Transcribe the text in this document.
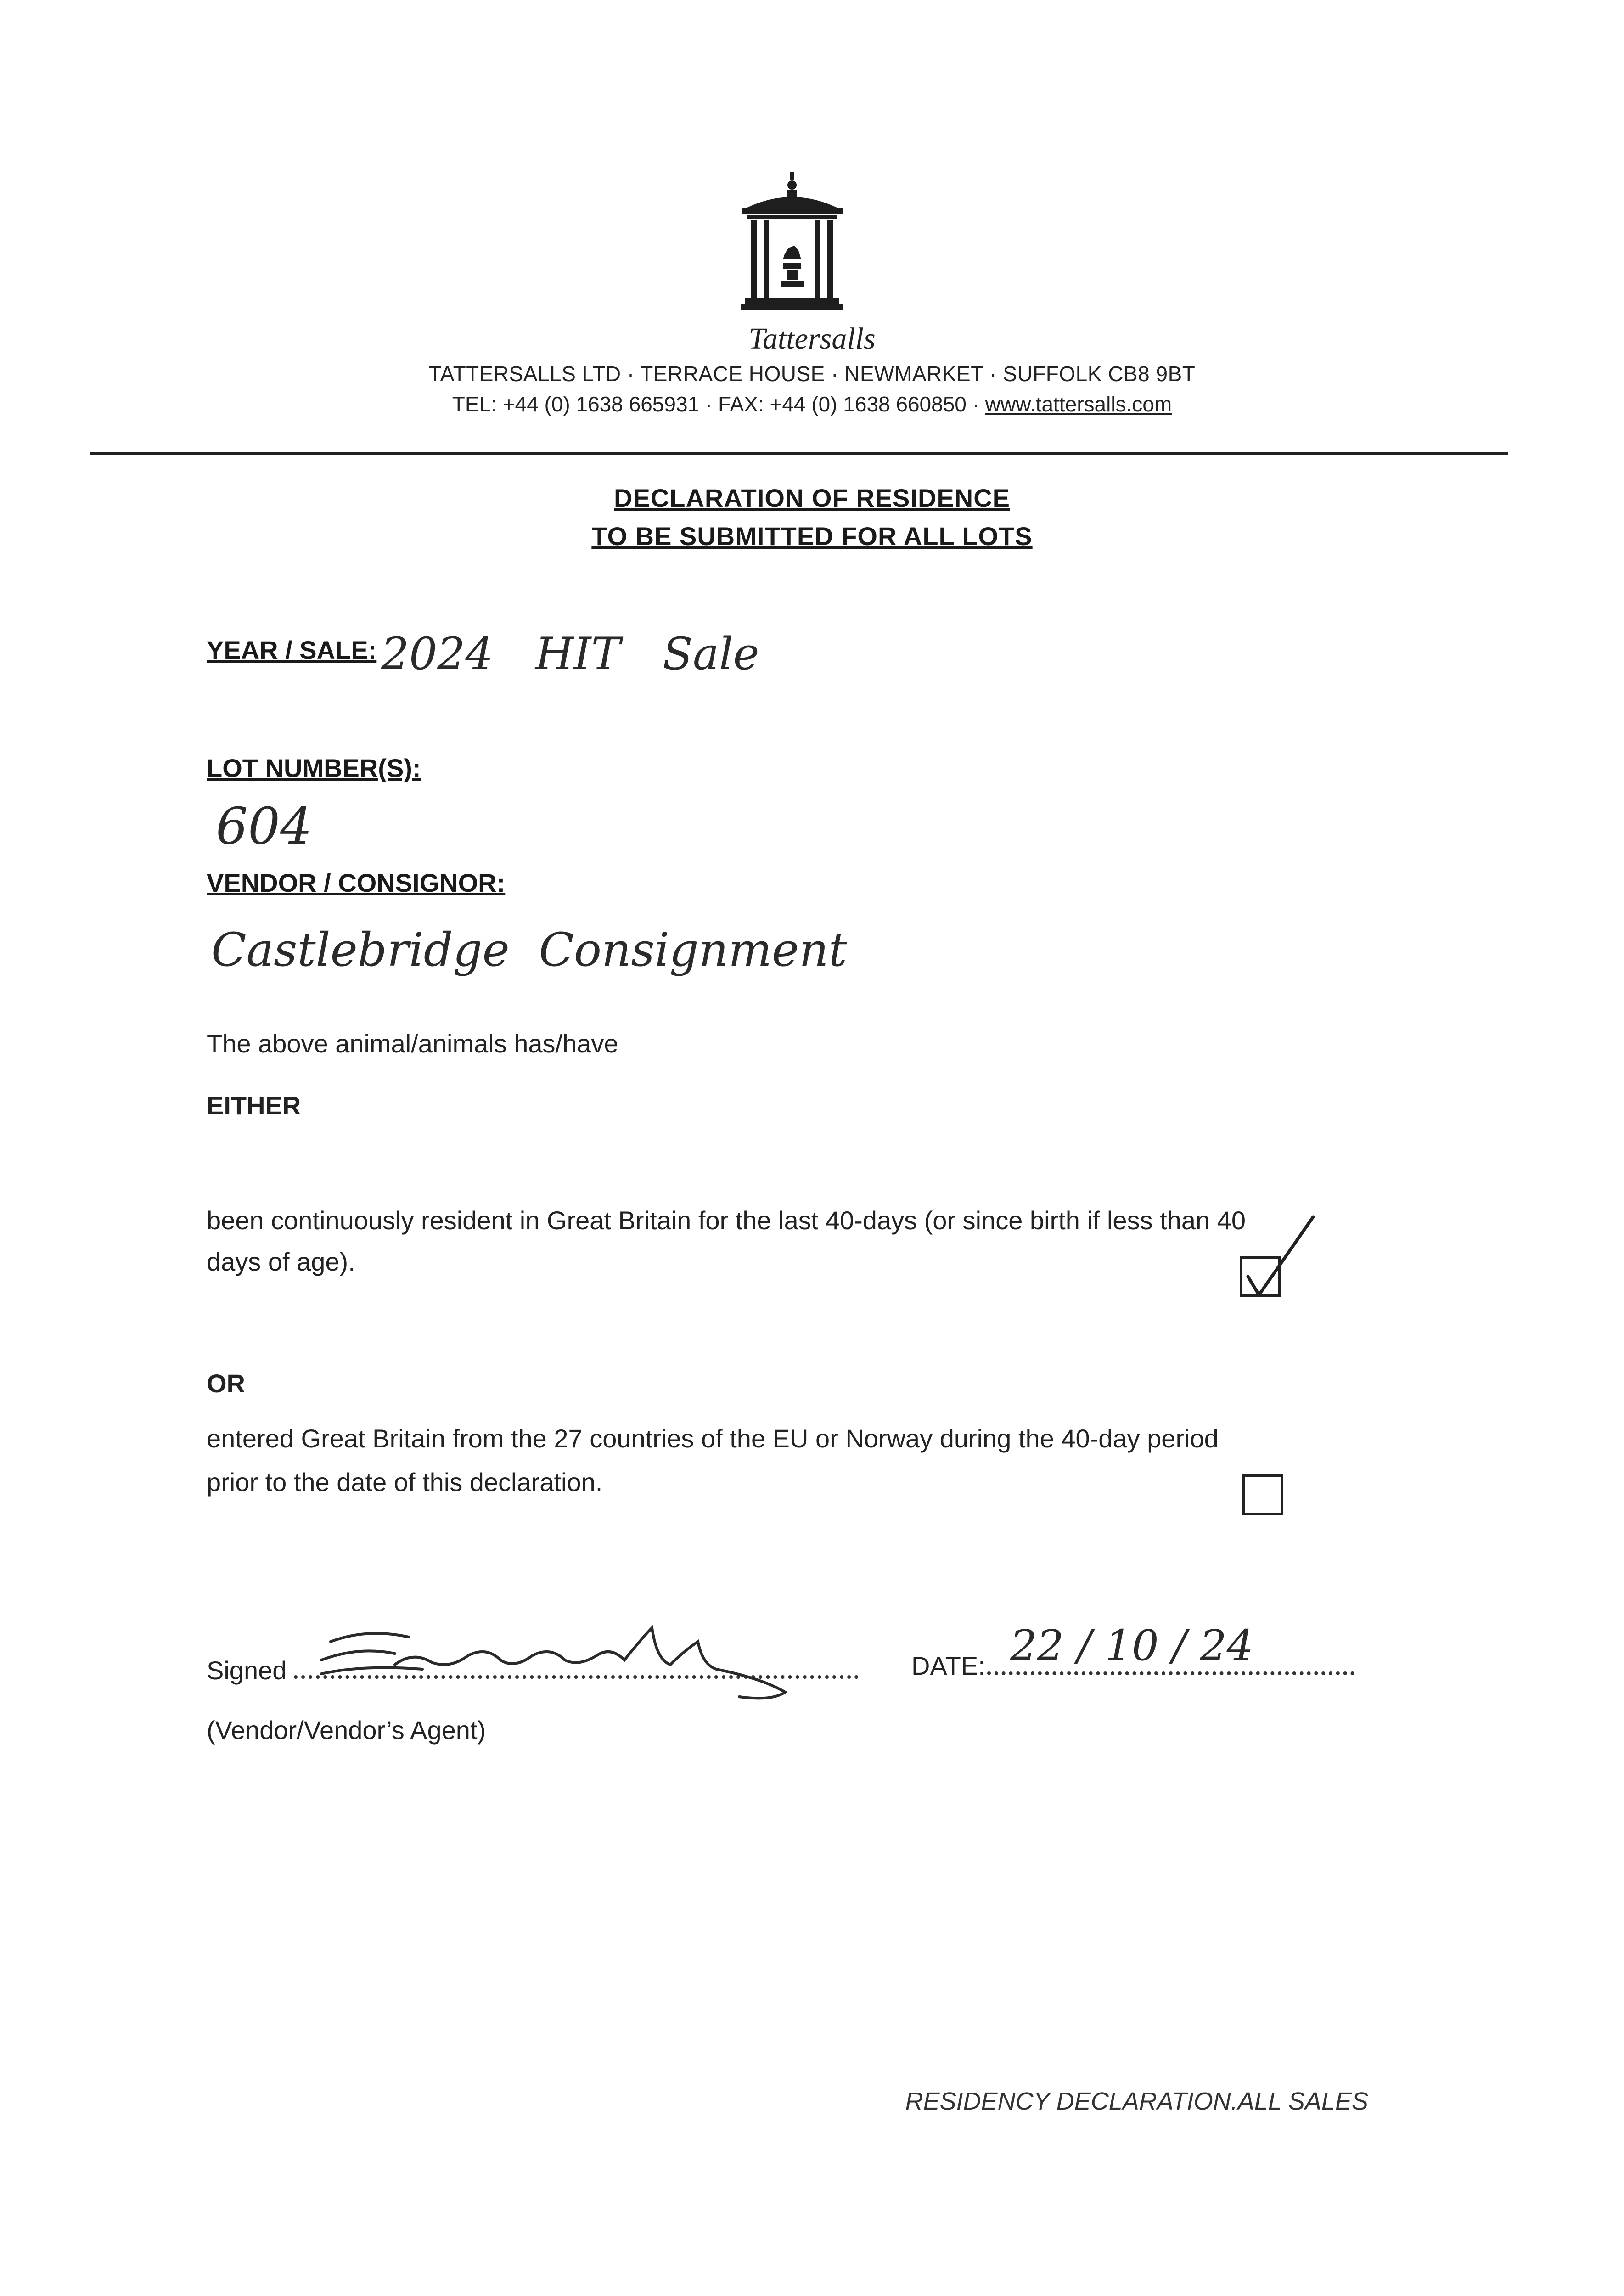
Tattersalls
TATTERSALLS LTD · TERRACE HOUSE · NEWMARKET · SUFFOLK CB8 9BT
TEL: +44 (0) 1638 665931 · FAX: +44 (0) 1638 660850 · www.tattersalls.com
DECLARATION OF RESIDENCE
TO BE SUBMITTED FOR ALL LOTS
YEAR / SALE: 2024   HIT   Sale
LOT NUMBER(S):
604
VENDOR / CONSIGNOR:
Castlebridge  Consignment
The above animal/animals has/have
EITHER
been continuously resident in Great Britain for the last 40-days (or since birth if less than 40
days of age).
OR
entered Great Britain from the 27 countries of the EU or Norway during the 40-day period
prior to the date of this declaration.
Signed	DATE: 22 / 10 / 24
(Vendor/Vendor’s Agent)
RESIDENCY DECLARATION.ALL SALES
